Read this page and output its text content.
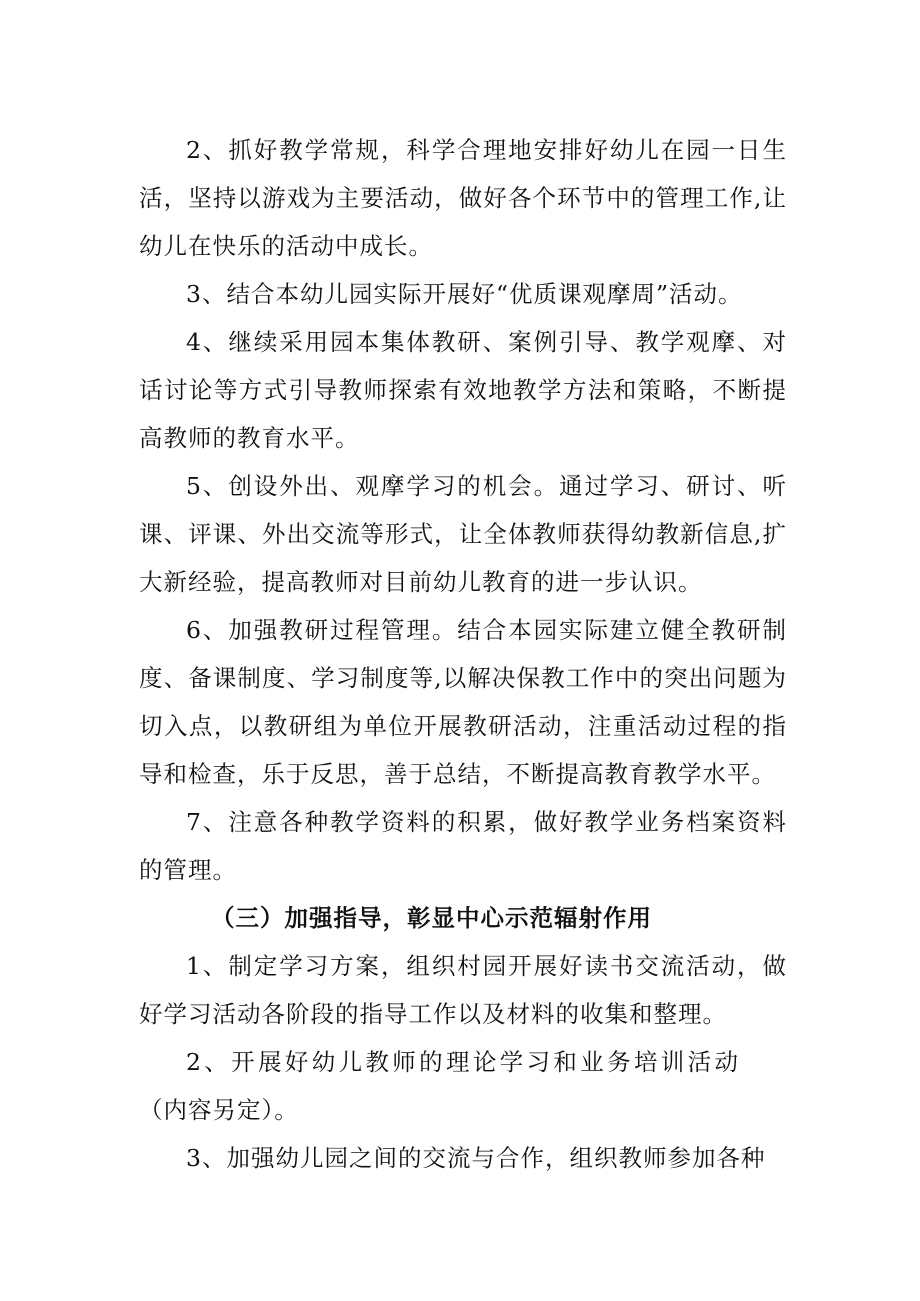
2、抓好教学常规，科学合理地安排好幼儿在园一日生活，坚持以游戏为主要活动，做好各个环节中的管理工作,让幼儿在快乐的活动中成长。

3、结合本幼儿园实际开展好“优质课观摩周”活动。

4、继续采用园本集体教研、案例引导、教学观摩、对话讨论等方式引导教师探索有效地教学方法和策略，不断提高教师的教育水平。

5、创设外出、观摩学习的机会。通过学习、研讨、听课、评课、外出交流等形式，让全体教师获得幼教新信息,扩大新经验，提高教师对目前幼儿教育的进一步认识。

6、加强教研过程管理。结合本园实际建立健全教研制度、备课制度、学习制度等,以解决保教工作中的突出问题为切入点，以教研组为单位开展教研活动，注重活动过程的指导和检查，乐于反思，善于总结，不断提高教育教学水平。

7、注意各种教学资料的积累，做好教学业务档案资料的管理。

（三）加强指导，彰显中心示范辐射作用

1、制定学习方案，组织村园开展好读书交流活动，做好学习活动各阶段的指导工作以及材料的收集和整理。

2、开展好幼儿教师的理论学习和业务培训活动（内容另定）。

3、加强幼儿园之间的交流与合作，组织教师参加各种
